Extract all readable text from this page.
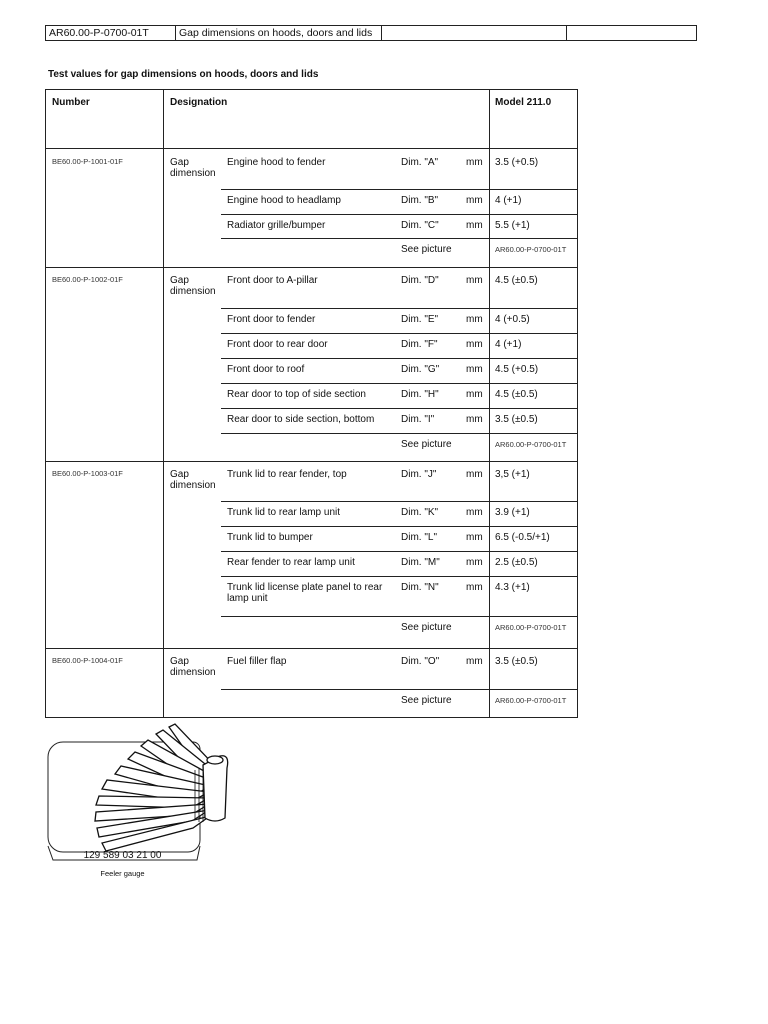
AR60.00-P-0700-01T	Gap dimensions on hoods, doors and lids		
Test values for gap dimensions on hoods, doors and lids
Number	Designation	Model 211.0
BE60.00-P-1001-01F	Gap dimension
Engine hood to fender	Dim. "A"	mm 3.5 (+0.5)
Engine hood to headlamp	Dim. "B"	mm 4 (+1)
Radiator grille/bumper	Dim. "C"	mm 5.5 (+1)
See picture	AR60.00-P-0700-01T
BE60.00-P-1002-01F	Gap dimension
Front door to A-pillar	Dim. "D"	mm 4.5 (±0.5)
Front door to fender	Dim. "E"	mm 4 (+0.5)
Front door to rear door	Dim. "F"	mm 4 (+1)
Front door to roof	Dim. "G"	mm 4.5 (+0.5)
Rear door to top of side section	Dim. "H"	mm 4.5 (±0.5)
Rear door to side section, bottom	Dim. "I"	mm 3.5 (±0.5)
See picture	AR60.00-P-0700-01T
BE60.00-P-1003-01F	Gap dimension
Trunk lid to rear fender, top	Dim. "J"	mm 3,5 (+1)
Trunk lid to rear lamp unit	Dim. "K"	mm 3.9 (+1)
Trunk lid to bumper	Dim. "L"	mm 6.5 (-0.5/+1)
Rear fender to rear lamp unit	Dim. "M"	mm 2.5 (±0.5)
Trunk lid license plate panel to rear lamp unit
Dim. "N"	mm 4.3 (+1)
See picture	AR60.00-P-0700-01T
BE60.00-P-1004-01F	Gap dimension
Fuel filler flap	Dim. "O"	mm 3.5 (±0.5)
See picture	AR60.00-P-0700-01T
129 589 03 21 00
Feeler gauge
